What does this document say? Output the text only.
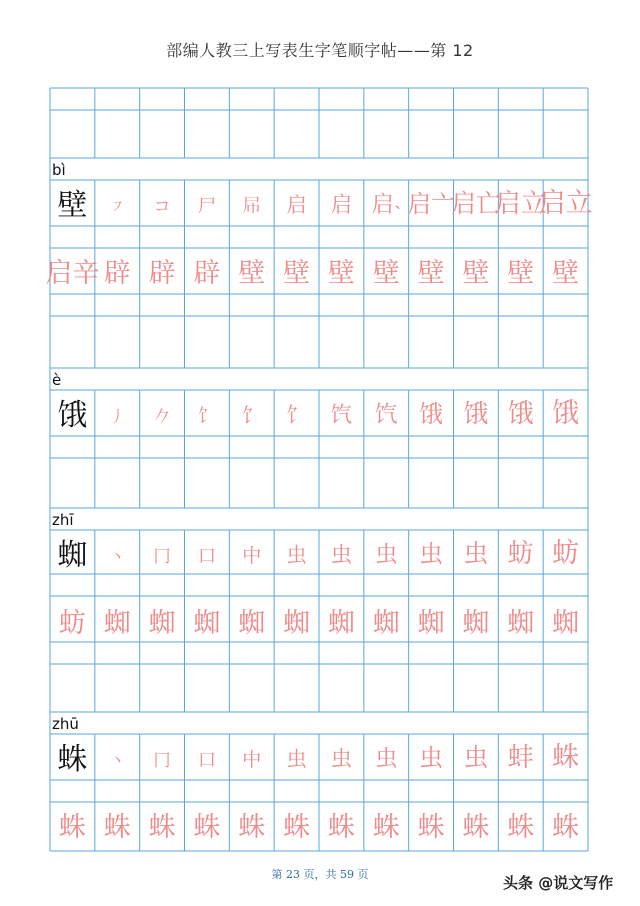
部编人教三上写表生字笔顺字帖——第 12
bì
壁 ㇇ コ 尸 𡰯 启 启 启˴ 启亠
启亡
启立
启立
启辛 辟 辟 辟 壁 壁 壁 壁 壁 壁 壁 壁
è
饿 丿 𠂊 饣 饣 饣 饩 饩 饿 饿 饿 饿
zhī
蜘 丶 冂 口 中 虫 虫 虫 虫 虫 蚄 蚄
蚄 蜘 蜘 蜘 蜘 蜘 蜘 蜘 蜘 蜘 蜘 蜘
zhū
蛛 丶 冂 口 中 虫 虫 虫 虫 虫 蚌 蛛
蛛 蛛 蛛 蛛 蛛 蛛 蛛 蛛 蛛 蛛 蛛 蛛
第 23 页，共 59 页	头条 @说文写作
